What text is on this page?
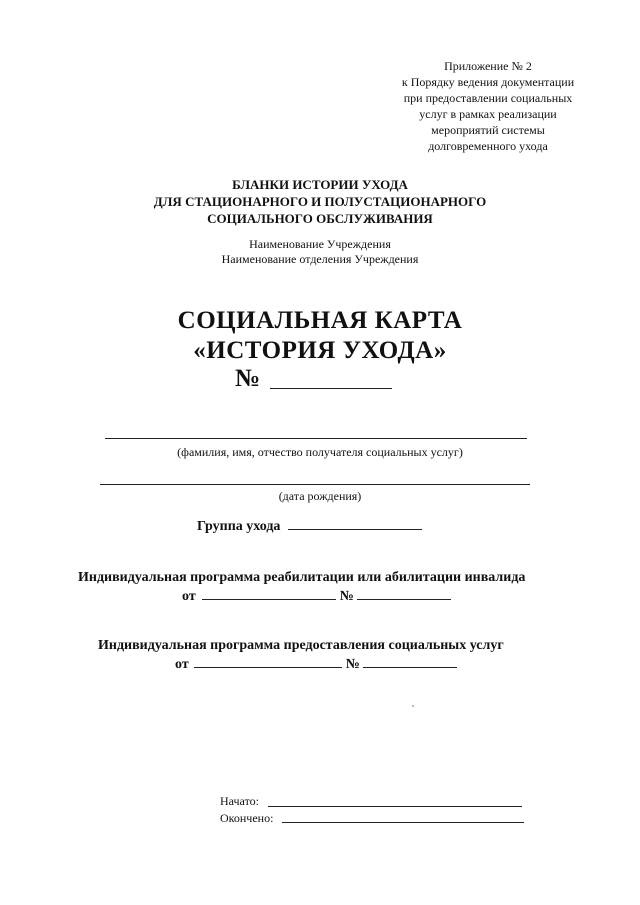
Приложение № 2
к Порядку ведения документации
при предоставлении социальных
услуг в рамках реализации
мероприятий системы
долговременного ухода
БЛАНКИ ИСТОРИИ УХОДА
ДЛЯ СТАЦИОНАРНОГО И ПОЛУСТАЦИОНАРНОГО
СОЦИАЛЬНОГО ОБСЛУЖИВАНИЯ
Наименование Учреждения
Наименование отделения Учреждения
СОЦИАЛЬНАЯ КАРТА
«ИСТОРИЯ УХОДА»
№
(фамилия, имя, отчество получателя социальных услуг)
(дата рождения)
Группа ухода
Индивидуальная программа реабилитации или абилитации инвалида
от	№
Индивидуальная программа предоставления социальных услуг
от	№
Начато:
Окончено:
